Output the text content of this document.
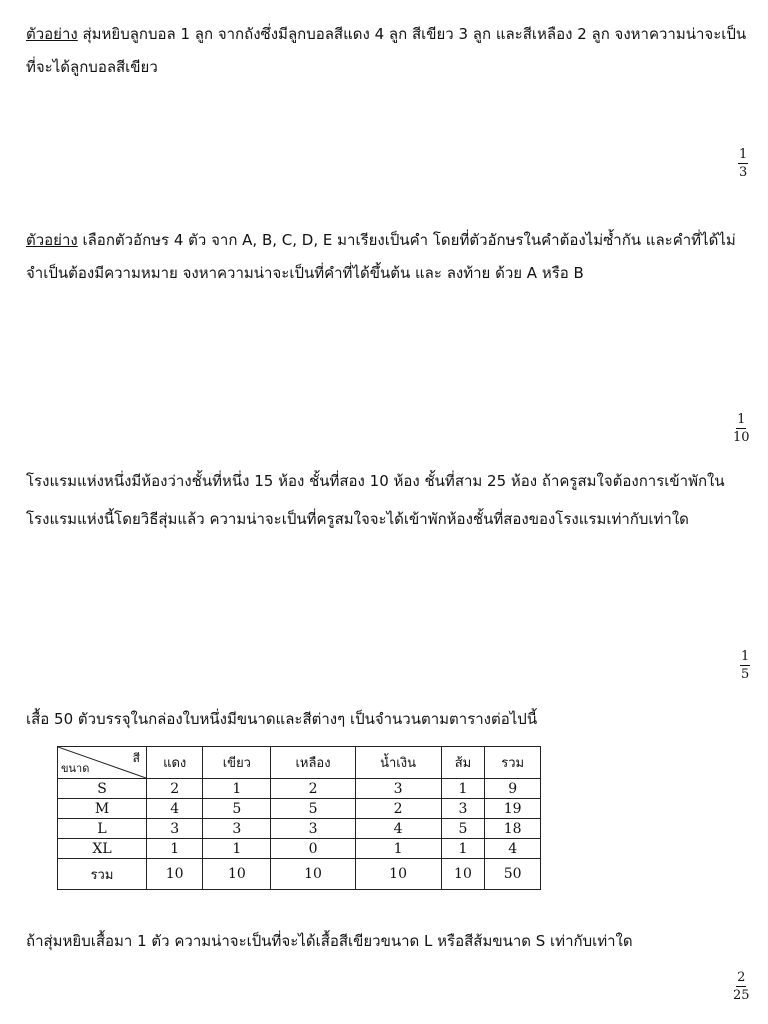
ตัวอย่าง สุ่มหยิบลูกบอล 1 ลูก จากถังซึ่งมีลูกบอลสีแดง 4 ลูก สีเขียว 3 ลูก และสีเหลือง 2 ลูก จงหาความน่าจะเป็นที่จะได้ลูกบอลสีเขียว

$\frac{1}{3}$

ตัวอย่าง เลือกตัวอักษร 4 ตัว จาก A, B, C, D, E มาเรียงเป็นคำ โดยที่ตัวอักษรในคำต้องไม่ซ้ำกัน และคำที่ได้ไม่จำเป็นต้องมีความหมาย จงหาความน่าจะเป็นที่คำที่ได้ขึ้นต้น และ ลงท้าย ด้วย A หรือ B

$\frac{1}{10}$

โรงแรมแห่งหนึ่งมีห้องว่างชั้นที่หนึ่ง 15 ห้อง ชั้นที่สอง 10 ห้อง ชั้นที่สาม 25 ห้อง ถ้าครูสมใจต้องการเข้าพักในโรงแรมแห่งนี้โดยวิธีสุ่มแล้ว ความน่าจะเป็นที่ครูสมใจจะได้เข้าพักห้องชั้นที่สองของโรงแรมเท่ากับเท่าใด

$\frac{1}{5}$

เสื้อ 50 ตัวบรรจุในกล่องใบหนึ่งมีขนาดและสีต่างๆ เป็นจำนวนตามตารางต่อไปนี้

สี
ขนาด	แดง	เขียว	เหลือง	น้ำเงิน	ส้ม	รวม
S	2	1	2	3	1	9
M	4	5	5	2	3	19
L	3	3	3	4	5	18
XL	1	1	0	1	1	4
รวม	10	10	10	10	10	50

ถ้าสุ่มหยิบเสื้อมา 1 ตัว ความน่าจะเป็นที่จะได้เสื้อสีเขียวขนาด L หรือสีส้มขนาด S เท่ากับเท่าใด

$\frac{2}{25}$
